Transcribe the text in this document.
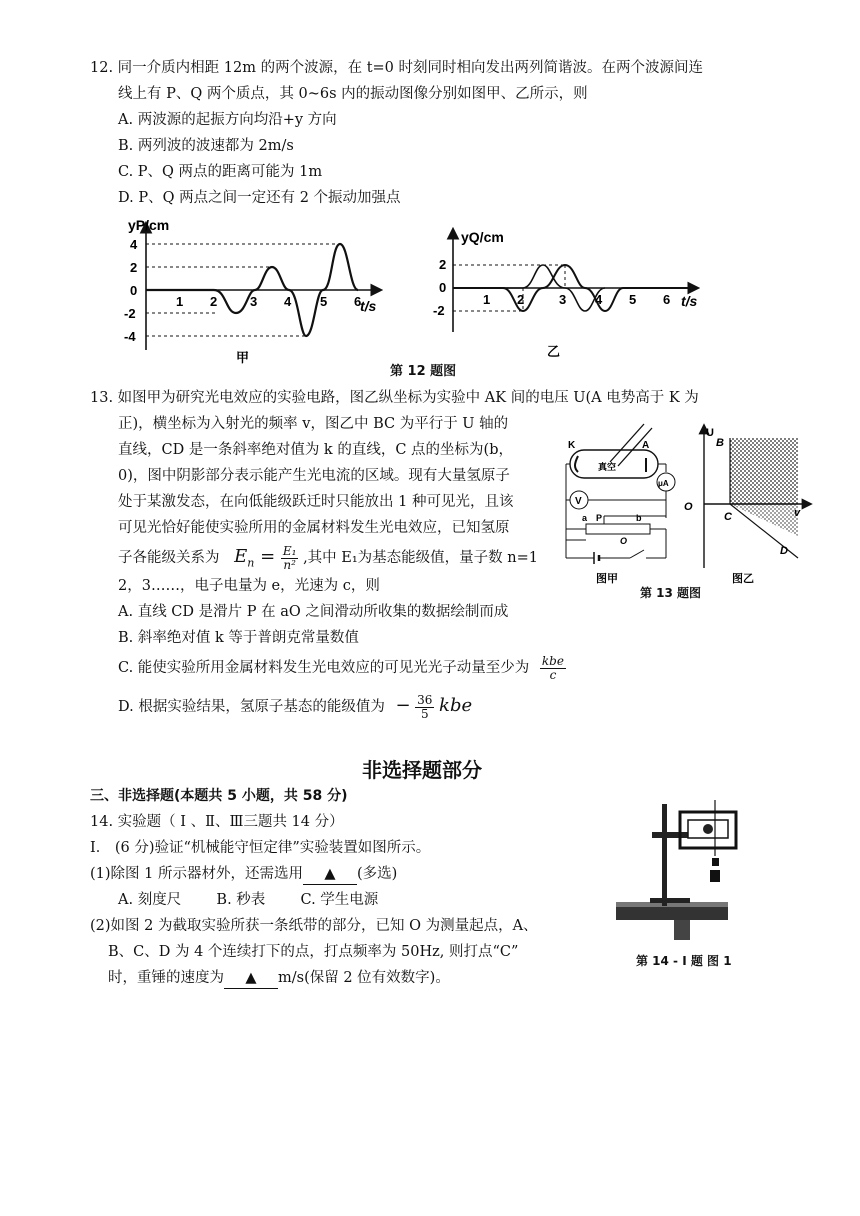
12. 同一介质内相距 12m 的两个波源，在 t=0 时刻同时相向发出两列简谐波。在两个波源间连
线上有 P、Q 两个质点，其 0~6s 内的振动图像分别如图甲、乙所示，则
A. 两波源的起振方向均沿+y 方向
B. 两列波的波速都为 2m/s
C. P、Q 两点的距离可能为 1m
D. P、Q 两点之间一定还有 2 个振动加强点
yP/cm
t/s
4
2
0
-2
-4
1 2	3 4 5 6
甲
yQ/cm
t/s
2
0
-2
1 2	3 4 5 6
乙
第 12 题图
13. 如图甲为研究光电效应的实验电路，图乙纵坐标为实验中 AK 间的电压 U(A 电势高于 K 为
正)，横坐标为入射光的频率 v，图乙中 BC 为平行于 U 轴的
直线，CD 是一条斜率绝对值为 k 的直线，C 点的坐标为(b，
0)，图中阴影部分表示能产生光电流的区域。现有大量氢原子
处于某激发态，在向低能级跃迁时只能放出 1 种可见光，且该
可见光恰好能使实验所用的金属材料发生光电效应，已知氢原
子各能级关系为 $E_n = \frac{\text{E₁}}{\text{n²}}$ ,其中 E₁为基态能级值，量子数 n=1
2，3……，电子电量为 e，光速为 c，则
A. 直线 CD 是滑片 P 在 aO 之间滑动所收集的数据绘制而成
B. 斜率绝对值 k 等于普朗克常量数值
C. 能使实验所用金属材料发生光电效应的可见光光子动量至少为 $\frac{\text{kbe}}{c}$
D. 根据实验结果，氢原子基态的能级值为 − $\frac{36}{5}$ kbe
K	A
真空
μA
V
a P	b
O
图甲
U
B
O
C	v
D
图乙
第 13 题图
非选择题部分
三、非选择题(本题共 5 小题，共 58 分)
14. 实验题（ Ⅰ 、Ⅱ、Ⅲ三题共 14 分）
Ⅰ． (6 分)验证“机械能守恒定律”实验装置如图所示。
(1)除图 1 所示器材外，还需选用 ▲ (多选)
A. 刻度尺 B. 秒表 C. 学生电源
(2)如图 2 为截取实验所获一条纸带的部分，已知 O 为测量起点，A、
B、C、D 为 4 个连续打下的点，打点频率为 50Hz, 则打点“C”
时，重锤的速度为 ▲ m/s(保留 2 位有效数字)。
第 14 - I 题 图 1
